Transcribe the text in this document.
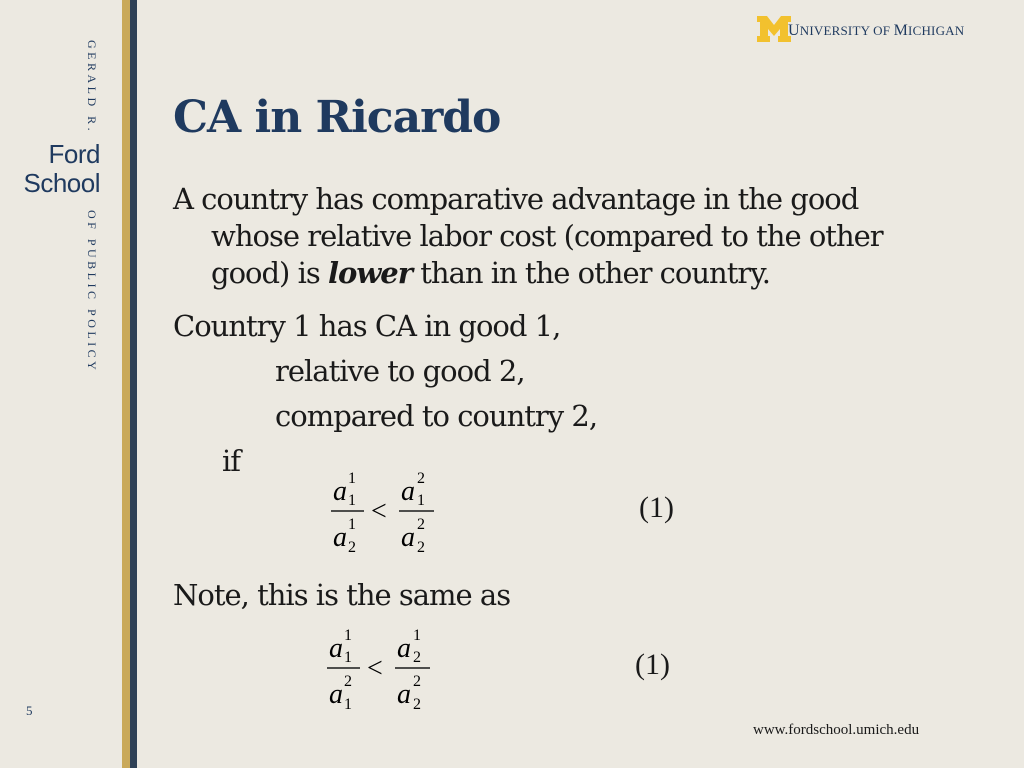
GERALD R.
Ford
School
OF PUBLIC POLICY
5
UNIVERSITY OF MICHIGAN
CA in Ricardo
A country has comparative advantage in the good
whose relative labor cost (compared to the other
good) is lower than in the other country.
Country 1 has CA in good 1,
relative to good 2,
compared to country 2,
if
a 1
1
a 1
2
<
a 2
1
a 2
2
(1)
Note, this is the same as
a 1
1
a 2
1
<
a 1
2
a 2
2
(1)
www.fordschool.umich.edu
